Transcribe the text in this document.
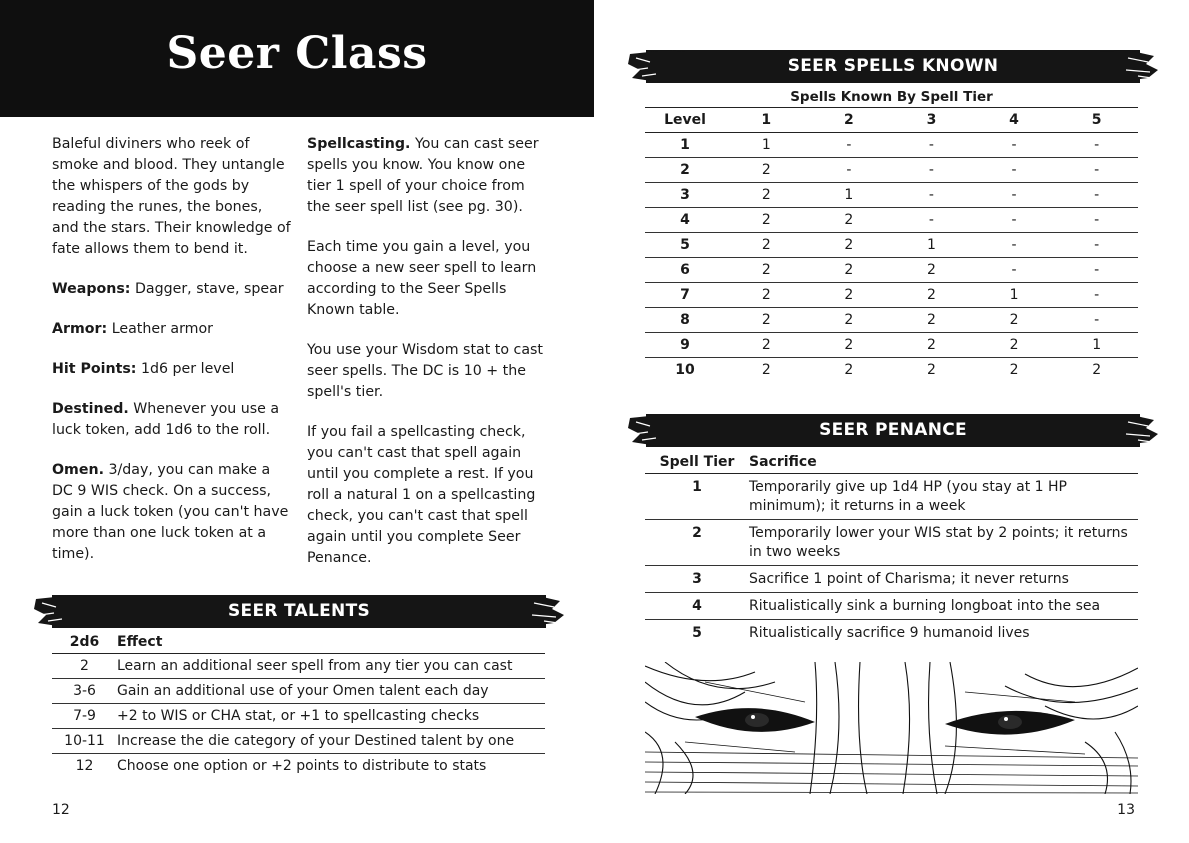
Seer Class

Baleful diviners who reek of smoke and blood. They untangle the whispers of the gods by reading the runes, the bones, and the stars. Their knowledge of fate allows them to bend it.

Weapons: Dagger, stave, spear

Armor: Leather armor

Hit Points: 1d6 per level

Destined. Whenever you use a luck token, add 1d6 to the roll.

Omen. 3/day, you can make a DC 9 WIS check. On a success, gain a luck token (you can't have more than one luck token at a time).

Spellcasting. You can cast seer spells you know. You know one tier 1 spell of your choice from the seer spell list (see pg. 30).

Each time you gain a level, you choose a new seer spell to learn according to the Seer Spells Known table.

You use your Wisdom stat to cast seer spells. The DC is 10 + the spell's tier.

If you fail a spellcasting check, you can't cast that spell again until you complete a rest. If you roll a natural 1 on a spellcasting check, you can't cast that spell again until you complete Seer Penance.

SEER TALENTS
2d6	Effect
2	Learn an additional seer spell from any tier you can cast
3-6	Gain an additional use of your Omen talent each day
7-9	+2 to WIS or CHA stat, or +1 to spellcasting checks
10-11	Increase the die category of your Destined talent by one
12	Choose one option or +2 points to distribute to stats
12
SEER SPELLS KNOWN
Spells Known By Spell Tier					
Level	1	2	3	4	5
1	1	-	-	-	-
2	2	-	-	-	-
3	2	1	-	-	-
4	2	2	-	-	-
5	2	2	1	-	-
6	2	2	2	-	-
7	2	2	2	1	-
8	2	2	2	2	-
9	2	2	2	2	1
10	2	2	2	2	2
SEER PENANCE
Spell Tier	Sacrifice
1	Temporarily give up 1d4 HP (you stay at 1 HP minimum); it returns in a week
2	Temporarily lower your WIS stat by 2 points; it returns in two weeks
3	Sacrifice 1 point of Charisma; it never returns
4	Ritualistically sink a burning longboat into the sea
5	Ritualistically sacrifice 9 humanoid lives
13
